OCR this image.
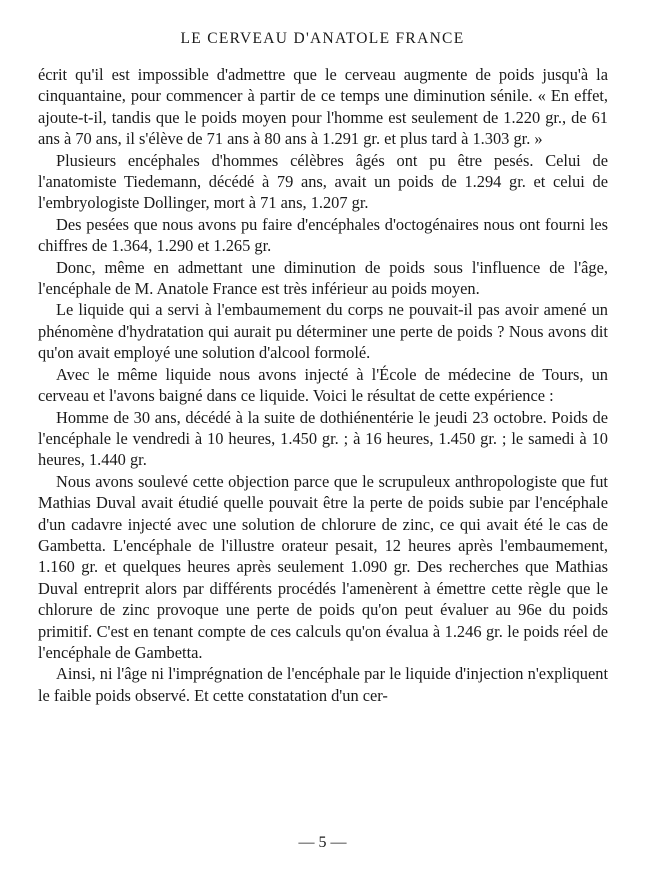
LE CERVEAU D'ANATOLE FRANCE

écrit qu'il est impossible d'admettre que le cerveau augmente de poids jusqu'à la cinquantaine, pour commencer à partir de ce temps une diminution sénile. « En effet, ajoute-t-il, tandis que le poids moyen pour l'homme est seulement de 1.220 gr., de 61 ans à 70 ans, il s'élève de 71 ans à 80 ans à 1.291 gr. et plus tard à 1.303 gr. »

Plusieurs encéphales d'hommes célèbres âgés ont pu être pesés. Celui de l'anatomiste Tiedemann, décédé à 79 ans, avait un poids de 1.294 gr. et celui de l'embryologiste Dollinger, mort à 71 ans, 1.207 gr.

Des pesées que nous avons pu faire d'encéphales d'octogénaires nous ont fourni les chiffres de 1.364, 1.290 et 1.265 gr.

Donc, même en admettant une diminution de poids sous l'influence de l'âge, l'encéphale de M. Anatole France est très inférieur au poids moyen.

Le liquide qui a servi à l'embaumement du corps ne pouvait-il pas avoir amené un phénomène d'hydratation qui aurait pu déterminer une perte de poids ? Nous avons dit qu'on avait employé une solution d'alcool formolé.

Avec le même liquide nous avons injecté à l'École de médecine de Tours, un cerveau et l'avons baigné dans ce liquide. Voici le résultat de cette expérience :

Homme de 30 ans, décédé à la suite de dothiénentérie le jeudi 23 octobre. Poids de l'encéphale le vendredi à 10 heures, 1.450 gr. ; à 16 heures, 1.450 gr. ; le samedi à 10 heures, 1.440 gr.

Nous avons soulevé cette objection parce que le scrupuleux anthropologiste que fut Mathias Duval avait étudié quelle pouvait être la perte de poids subie par l'encéphale d'un cadavre injecté avec une solution de chlorure de zinc, ce qui avait été le cas de Gambetta. L'encéphale de l'illustre orateur pesait, 12 heures après l'embaumement, 1.160 gr. et quelques heures après seulement 1.090 gr. Des recherches que Mathias Duval entreprit alors par différents procédés l'amenèrent à émettre cette règle que le chlorure de zinc provoque une perte de poids qu'on peut évaluer au 96e du poids primitif. C'est en tenant compte de ces calculs qu'on évalua à 1.246 gr. le poids réel de l'encéphale de Gambetta.

Ainsi, ni l'âge ni l'imprégnation de l'encéphale par le liquide d'injection n'expliquent le faible poids observé. Et cette constatation d'un cer-

— 5 —
